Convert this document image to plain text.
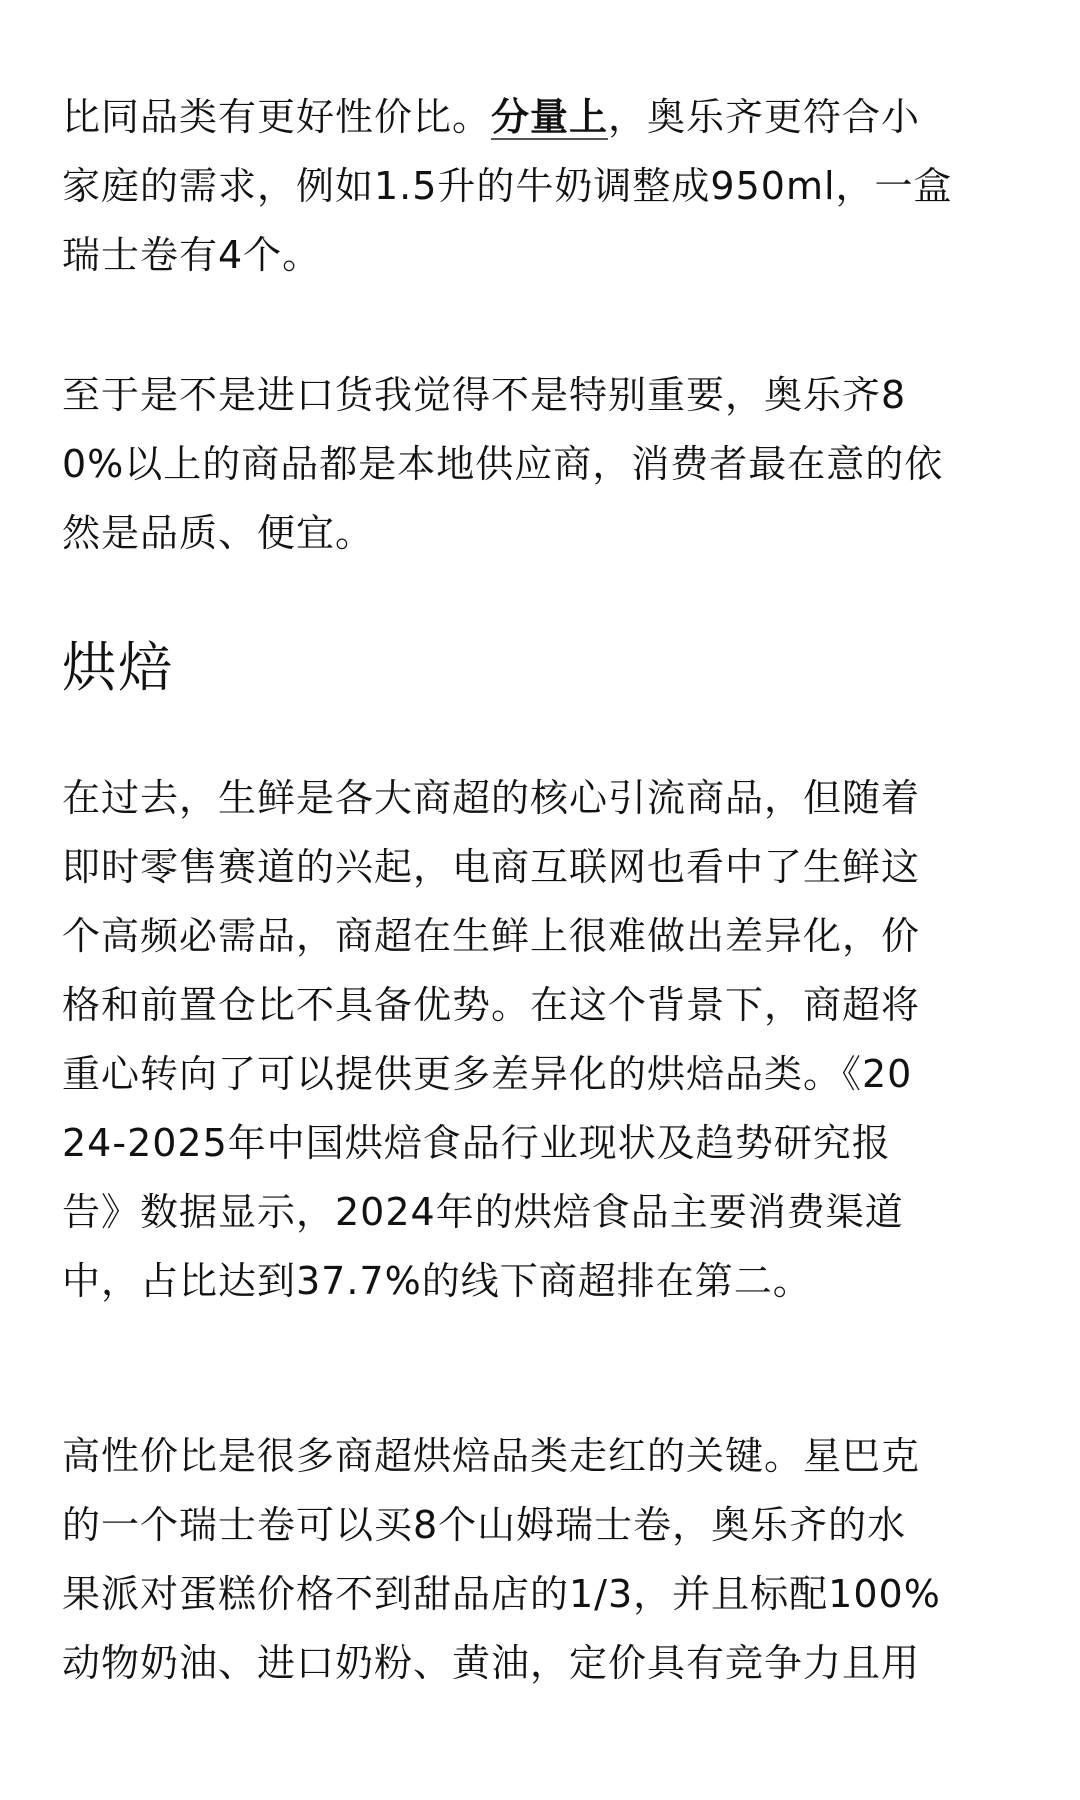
比同品类有更好性价比。分量上，奥乐齐更符合小
家庭的需求，例如1.5升的牛奶调整成950ml，一盒
瑞士卷有4个。

至于是不是进口货我觉得不是特别重要，奥乐齐8
0%以上的商品都是本地供应商，消费者最在意的依
然是品质、便宜。

烘焙

在过去，生鲜是各大商超的核心引流商品，但随着
即时零售赛道的兴起，电商互联网也看中了生鲜这
个高频必需品，商超在生鲜上很难做出差异化，价
格和前置仓比不具备优势。在这个背景下，商超将
重心转向了可以提供更多差异化的烘焙品类。《20
24-2025年中国烘焙食品行业现状及趋势研究报
告》数据显示，2024年的烘焙食品主要消费渠道
中，占比达到37.7%的线下商超排在第二。

高性价比是很多商超烘焙品类走红的关键。星巴克
的一个瑞士卷可以买8个山姆瑞士卷，奥乐齐的水
果派对蛋糕价格不到甜品店的1/3，并且标配100%
动物奶油、进口奶粉、黄油，定价具有竞争力且用
